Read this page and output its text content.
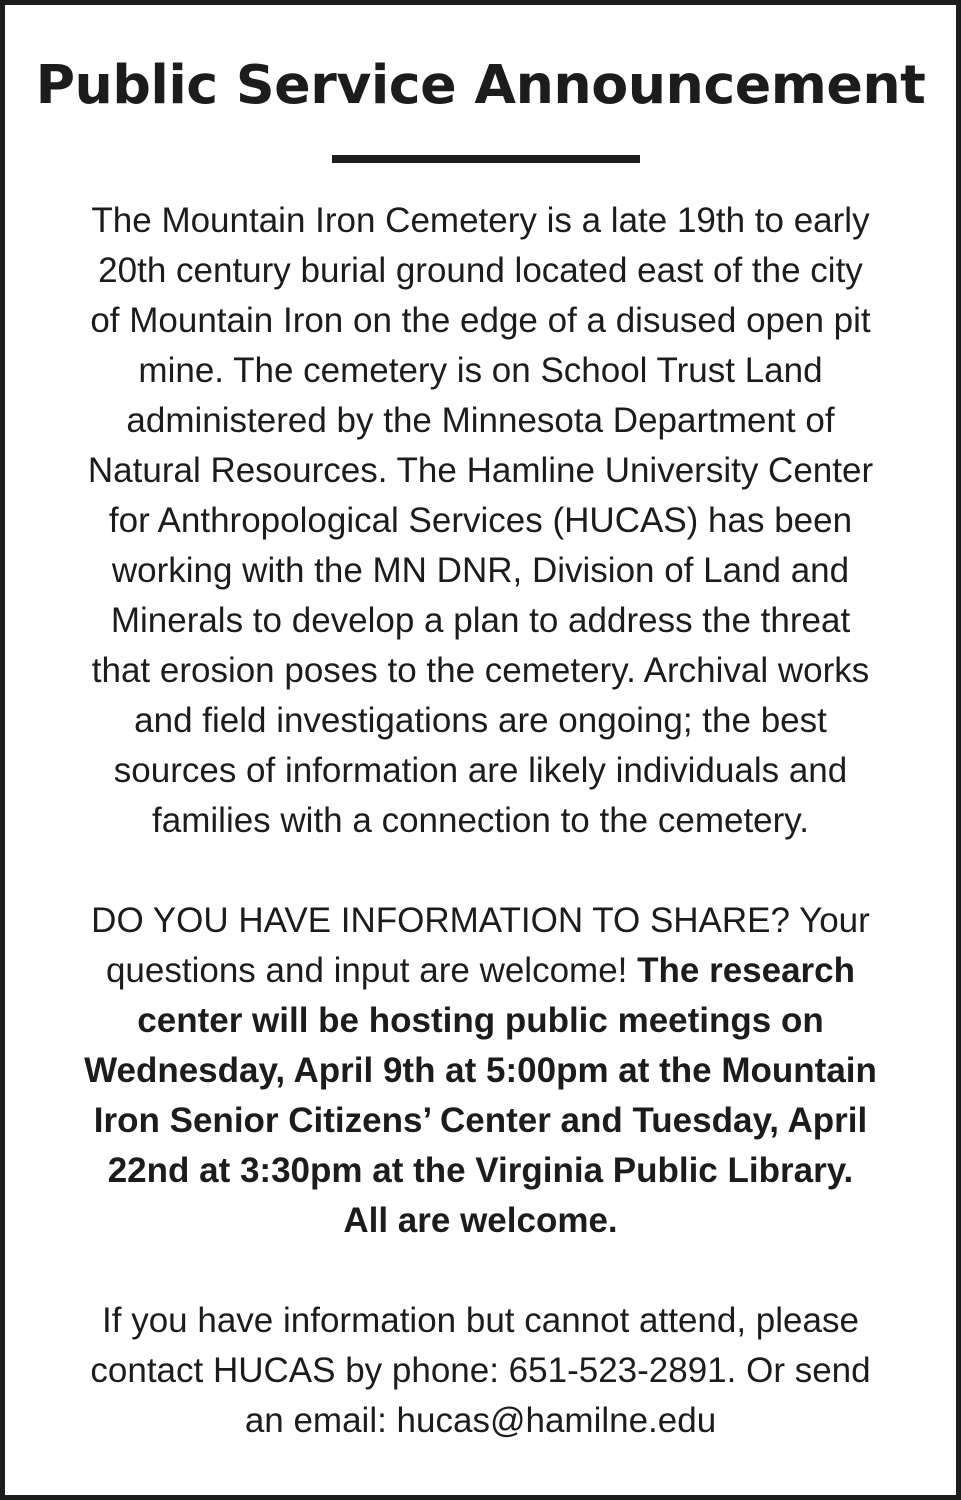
Public Service Announcement
The Mountain Iron Cemetery is a late 19th to early
20th century burial ground located east of the city
of Mountain Iron on the edge of a disused open pit
mine. The cemetery is on School Trust Land
administered by the Minnesota Department of
Natural Resources. The Hamline University Center
for Anthropological Services (HUCAS) has been
working with the MN DNR, Division of Land and
Minerals to develop a plan to address the threat
that erosion poses to the cemetery. Archival works
and field investigations are ongoing; the best
sources of information are likely individuals and
families with a connection to the cemetery.
DO YOU HAVE INFORMATION TO SHARE? Your
questions and input are welcome! The research
center will be hosting public meetings on
Wednesday, April 9th at 5:00pm at the Mountain
Iron Senior Citizens’ Center and Tuesday, April
22nd at 3:30pm at the Virginia Public Library.
All are welcome.
If you have information but cannot attend, please
contact HUCAS by phone: 651-523-2891. Or send
an email: hucas@hamilne.edu
